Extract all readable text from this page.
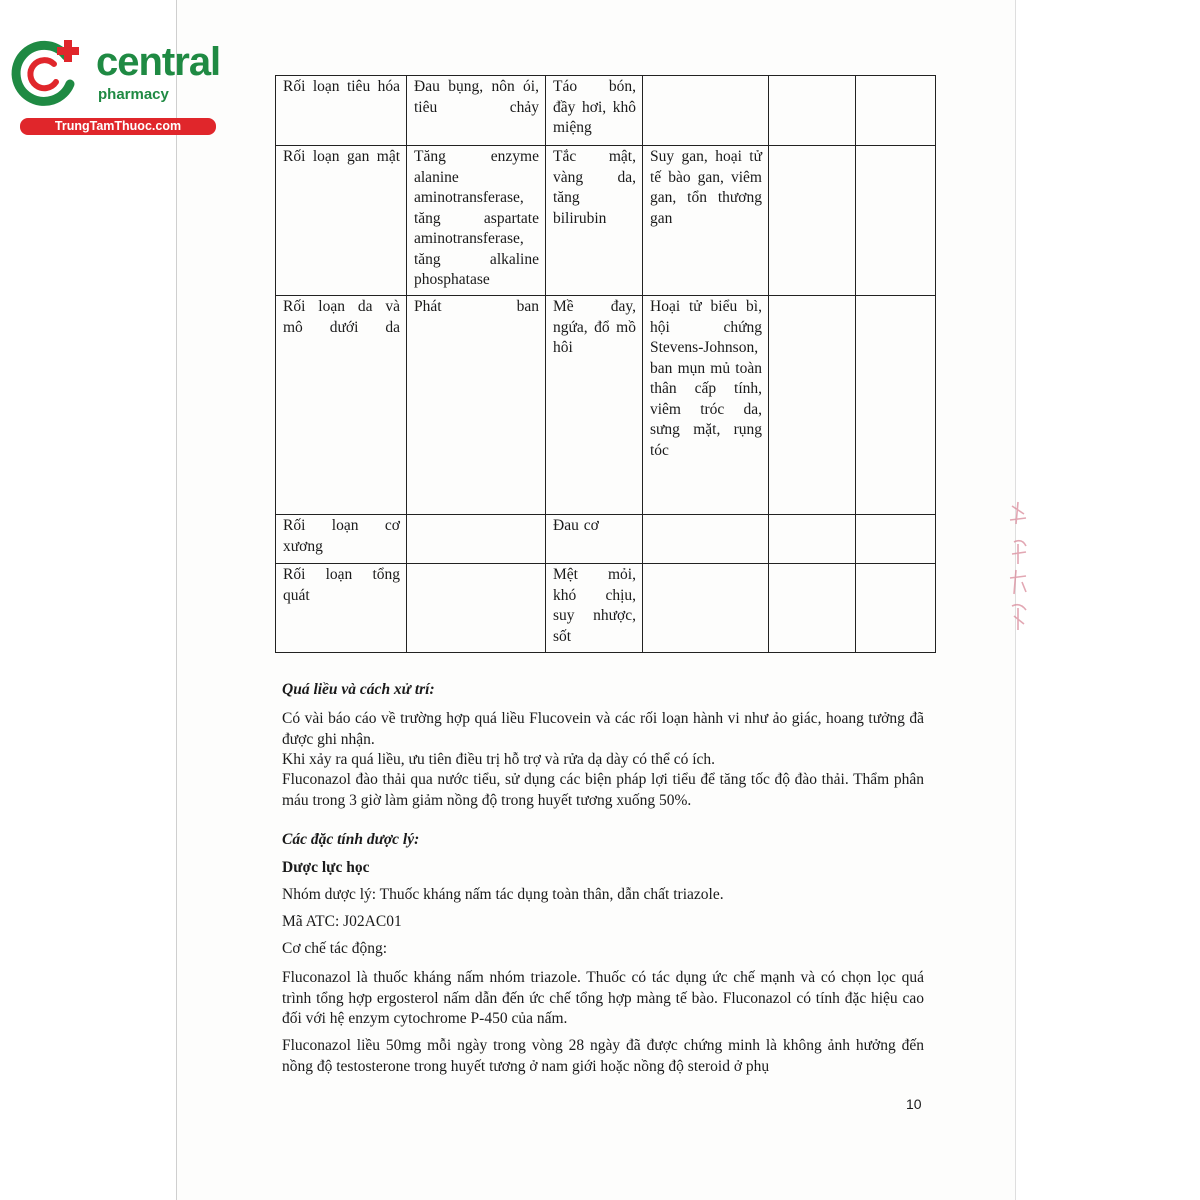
central
pharmacy
TrungTamThuoc.com
Rối loạn tiêu hóa	Đau bụng, nôn ói, tiêu chảy	Táo bón, đầy hơi, khô miệng			
Rối loạn gan mật	Tăng enzyme alanine aminotransferase, tăng aspartate aminotransferase, tăng alkaline phosphatase	Tắc mật, vàng da, tăng bilirubin	Suy gan, hoại tử tế bào gan, viêm gan, tổn thương gan		
Rối loạn da và mô dưới da	Phát ban	Mề đay, ngứa, đổ mồ hôi	Hoại tử biểu bì, hội chứng Stevens-Johnson, ban mụn mủ toàn thân cấp tính, viêm tróc da, sưng mặt, rụng tóc		
Rối loạn cơ xương		Đau cơ			
Rối loạn tổng quát		Mệt mỏi, khó chịu, suy nhược, sốt			
Quá liều và cách xử trí:
Có vài báo cáo về trường hợp quá liều Flucovein và các rối loạn hành vi như ảo giác, hoang tưởng đã được ghi nhận.
Khi xảy ra quá liều, ưu tiên điều trị hỗ trợ và rửa dạ dày có thể có ích.
Fluconazol đào thải qua nước tiểu, sử dụng các biện pháp lợi tiểu để tăng tốc độ đào thải. Thẩm phân máu trong 3 giờ làm giảm nồng độ trong huyết tương xuống 50%.
Các đặc tính dược lý:
Dược lực học
Nhóm dược lý: Thuốc kháng nấm tác dụng toàn thân, dẫn chất triazole.
Mã ATC: J02AC01
Cơ chế tác động:
Fluconazol là thuốc kháng nấm nhóm triazole. Thuốc có tác dụng ức chế mạnh và có chọn lọc quá trình tổng hợp ergosterol nấm dẫn đến ức chế tổng hợp màng tế bào. Fluconazol có tính đặc hiệu cao đối với hệ enzym cytochrome P-450 của nấm.
Fluconazol liều 50mg mỗi ngày trong vòng 28 ngày đã được chứng minh là không ảnh hưởng đến nồng độ testosterone trong huyết tương ở nam giới hoặc nồng độ steroid ở phụ
10
